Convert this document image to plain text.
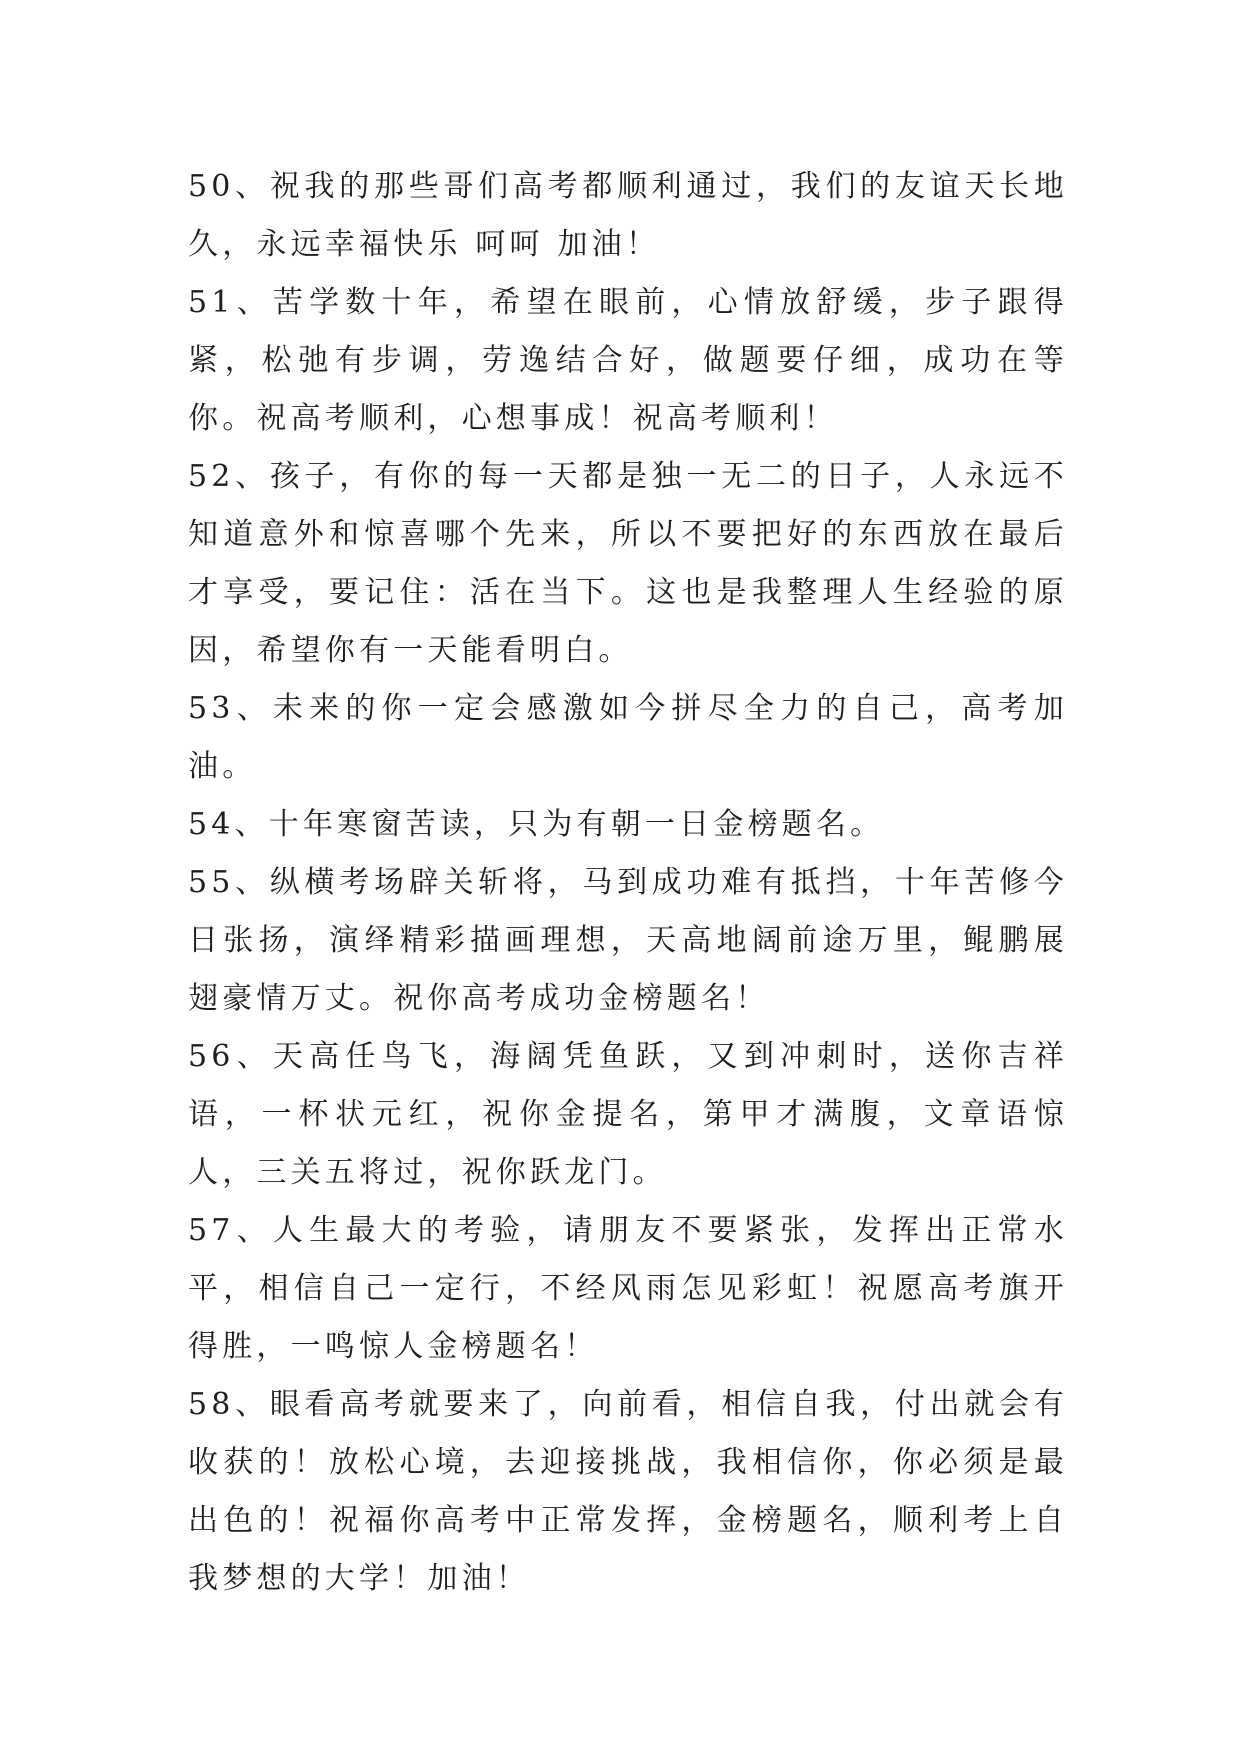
50、祝我的那些哥们高考都顺利通过，我们的友谊天长地久，永远幸福快乐 呵呵 加油！

51、苦学数十年，希望在眼前，心情放舒缓，步子跟得紧，松弛有步调，劳逸结合好，做题要仔细，成功在等你。祝高考顺利，心想事成！祝高考顺利！

52、孩子，有你的每一天都是独一无二的日子，人永远不知道意外和惊喜哪个先来，所以不要把好的东西放在最后才享受，要记住：活在当下。这也是我整理人生经验的原因，希望你有一天能看明白。

53、未来的你一定会感激如今拼尽全力的自己，高考加油。

54、十年寒窗苦读，只为有朝一日金榜题名。

55、纵横考场辟关斩将，马到成功难有抵挡，十年苦修今日张扬，演绎精彩描画理想，天高地阔前途万里，鲲鹏展翅豪情万丈。祝你高考成功金榜题名！

56、天高任鸟飞，海阔凭鱼跃，又到冲刺时，送你吉祥语，一杯状元红，祝你金提名，第甲才满腹，文章语惊人，三关五将过，祝你跃龙门。

57、人生最大的考验，请朋友不要紧张，发挥出正常水平，相信自己一定行，不经风雨怎见彩虹！祝愿高考旗开得胜，一鸣惊人金榜题名！

58、眼看高考就要来了，向前看，相信自我，付出就会有收获的！放松心境，去迎接挑战，我相信你，你必须是最出色的！祝福你高考中正常发挥，金榜题名，顺利考上自我梦想的大学！加油！
